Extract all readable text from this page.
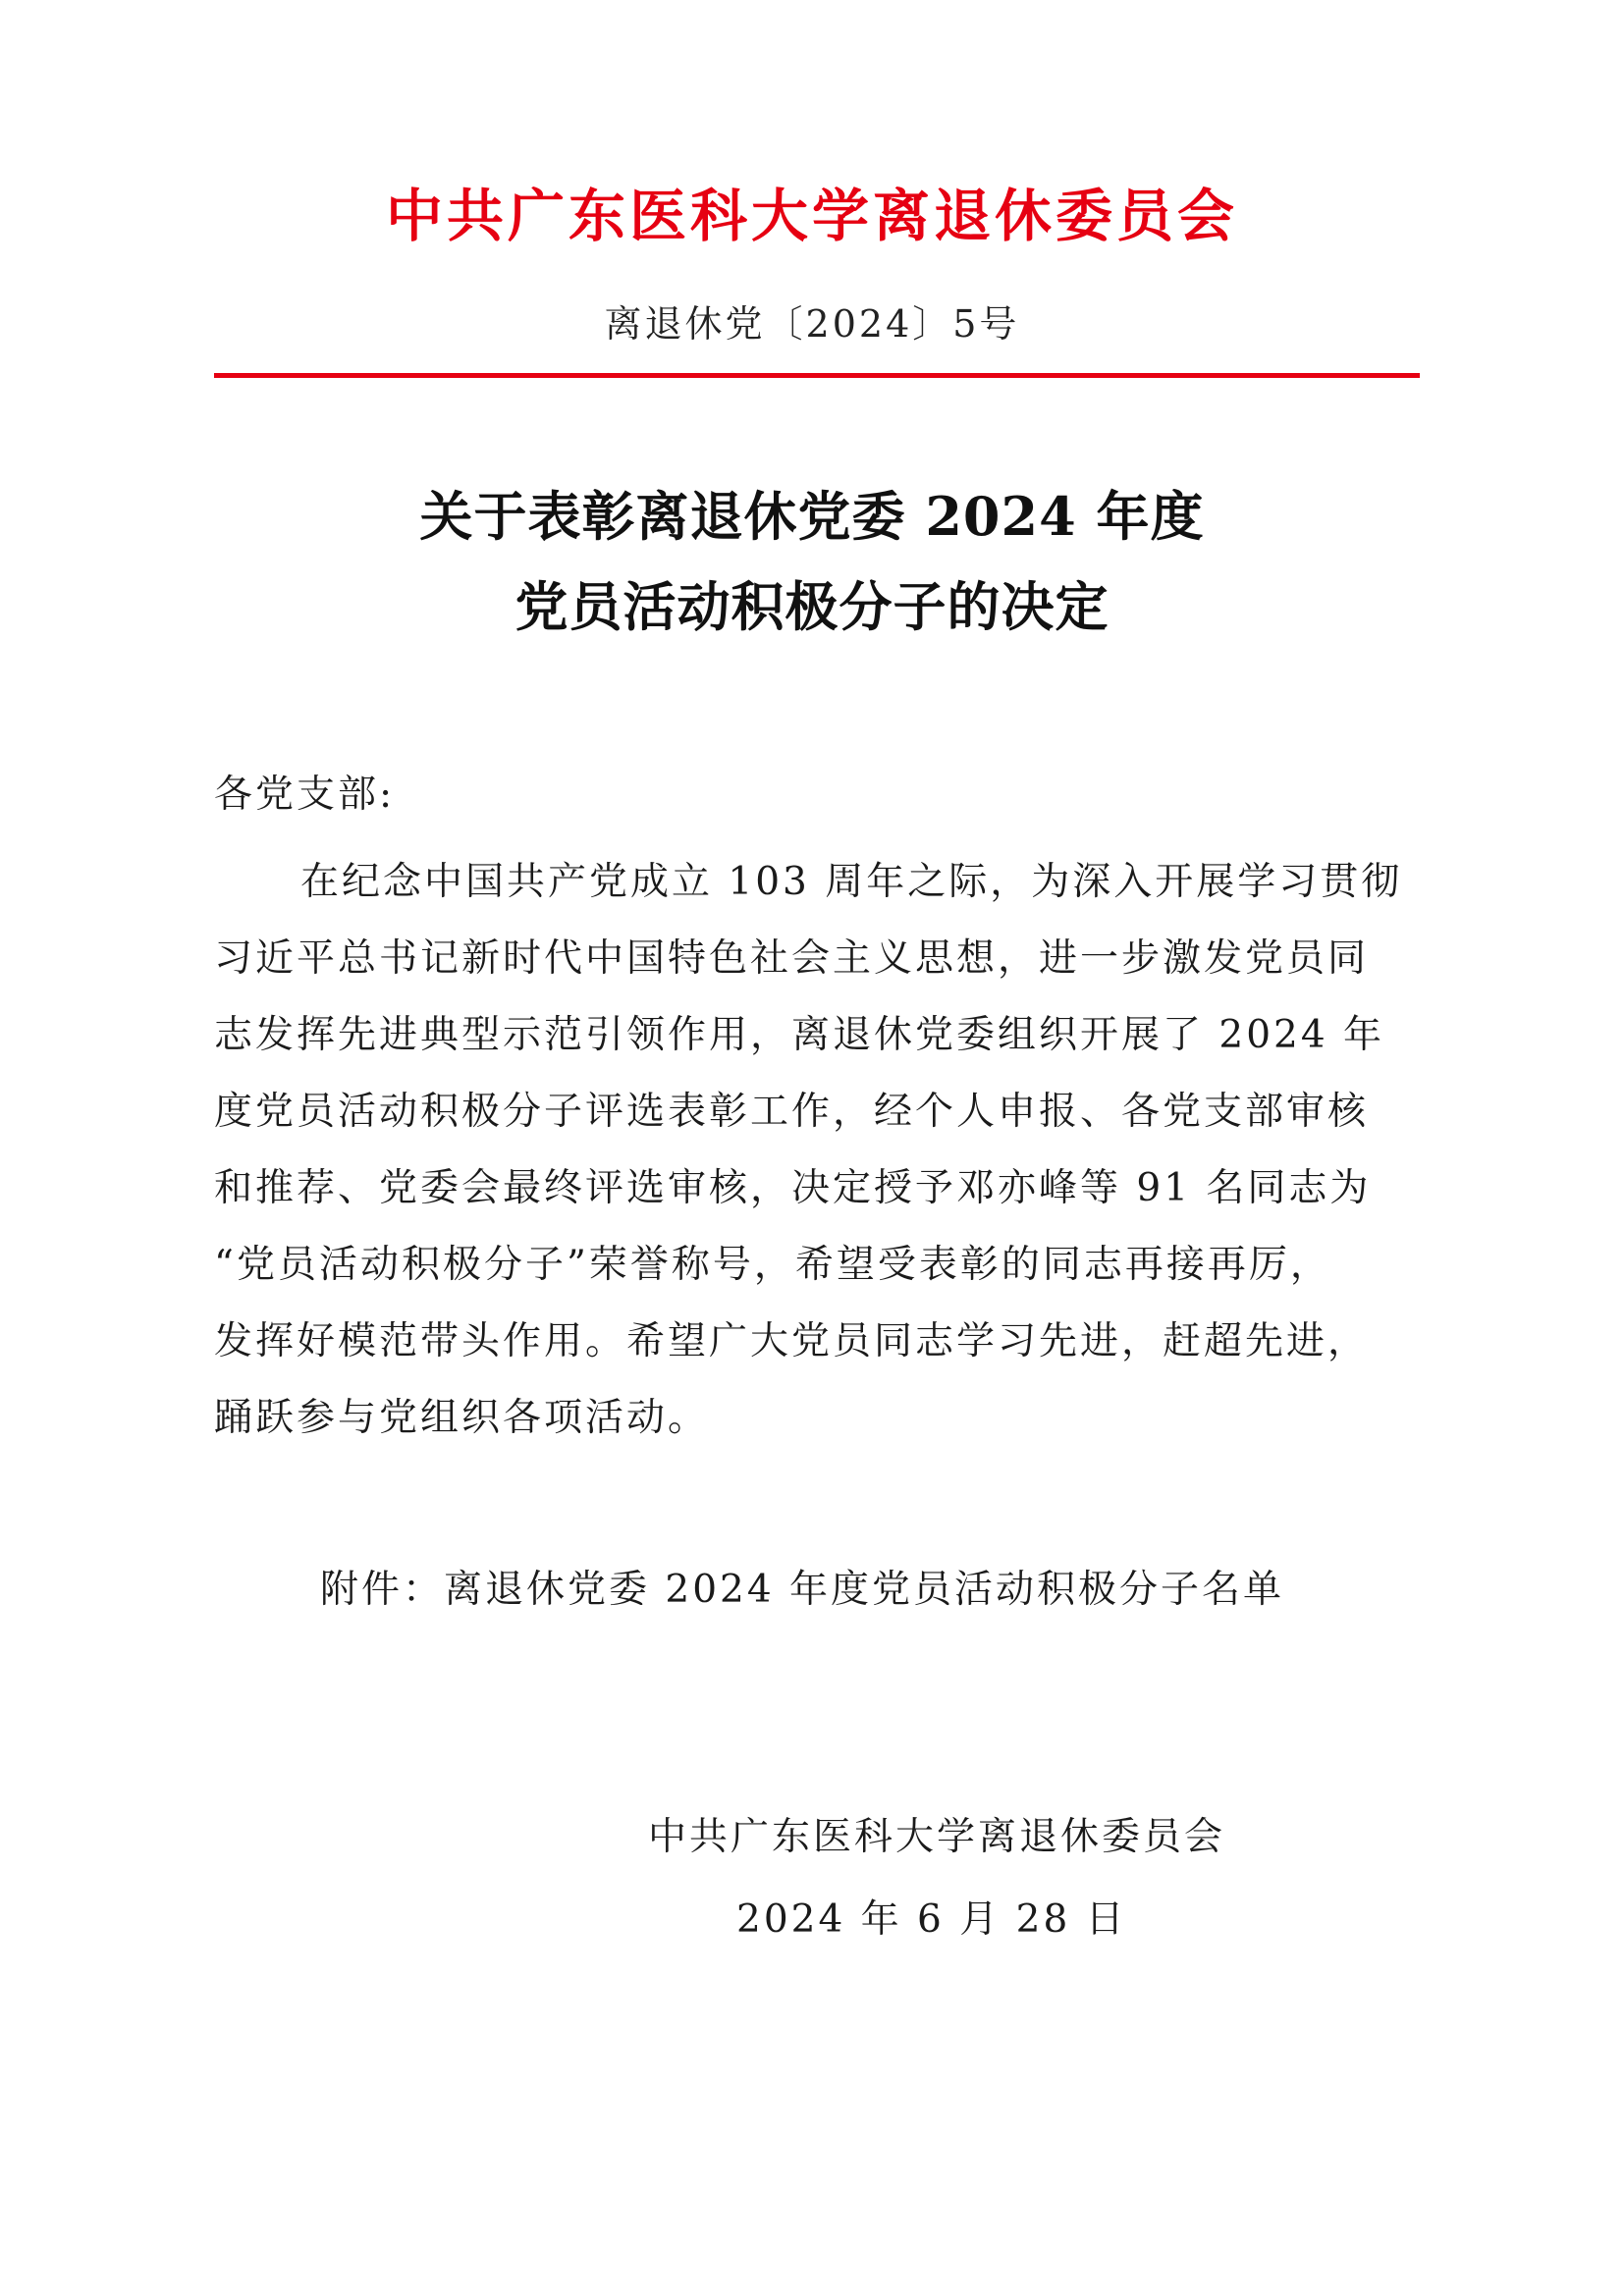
中共广东医科大学离退休委员会
离退休党〔2024〕5号
关于表彰离退休党委 2024 年度
党员活动积极分子的决定
各党支部:
在纪念中国共产党成立 103 周年之际，为深入开展学习贯彻
习近平总书记新时代中国特色社会主义思想，进一步激发党员同
志发挥先进典型示范引领作用，离退休党委组织开展了 2024 年
度党员活动积极分子评选表彰工作，经个人申报、各党支部审核
和推荐、党委会最终评选审核，决定授予邓亦峰等 91 名同志为
“党员活动积极分子”荣誉称号，希望受表彰的同志再接再厉，
发挥好模范带头作用。希望广大党员同志学习先进，赶超先进，
踊跃参与党组织各项活动。
附件：离退休党委 2024 年度党员活动积极分子名单
中共广东医科大学离退休委员会
2024 年 6 月 28 日
